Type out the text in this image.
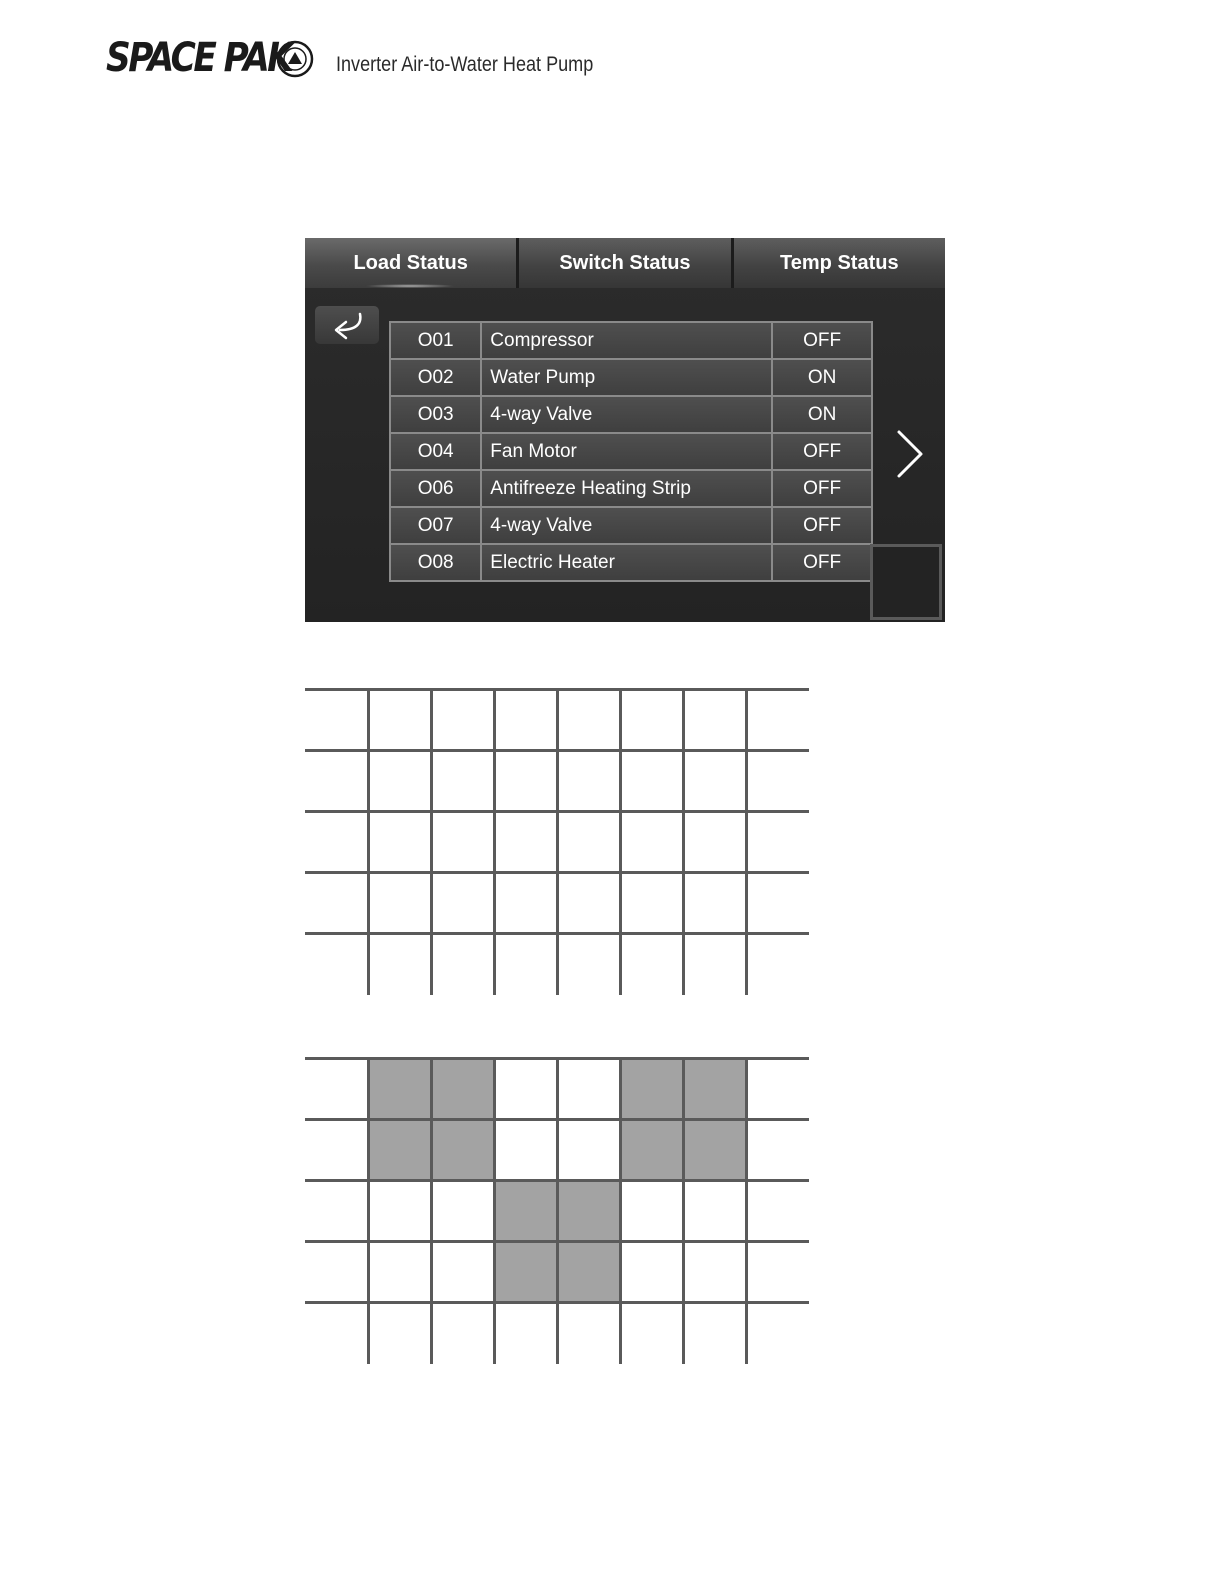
SPACE PAK Inverter Air-to-Water Heat Pump
Load Status	Switch Status	Temp Status
O01	Compressor	OFF
O02	Water Pump	ON
O03	4-way Valve	ON
O04	Fan Motor	OFF
O06	Antifreeze Heating Strip	OFF
O07	4-way Valve	OFF
O08	Electric Heater	OFF
